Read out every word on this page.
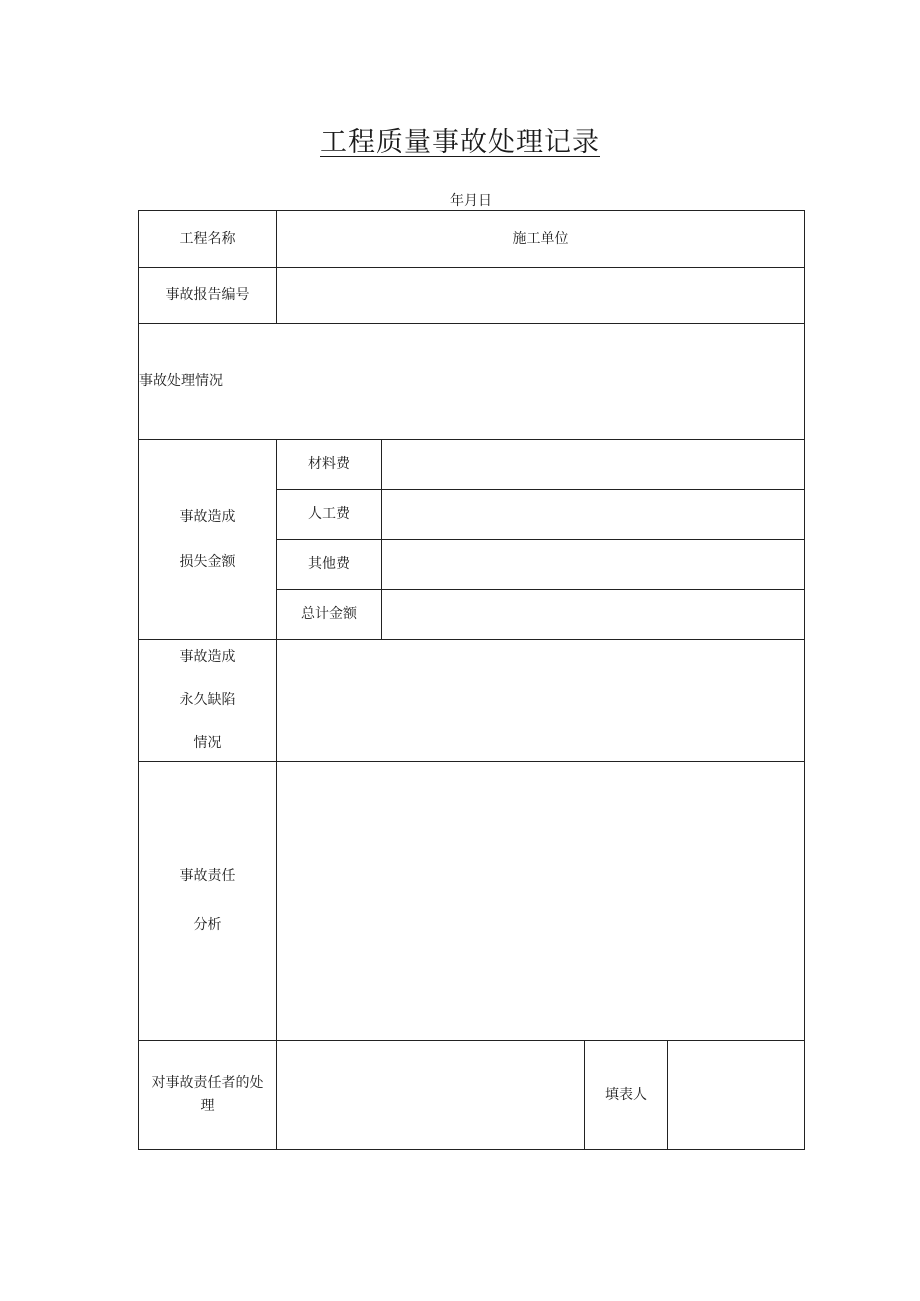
工程质量事故处理记录
年月日
工程名称	施工单位
事故报告编号
事故处理情况
事故造成
损失金额
材料费
人工费
其他费
总计金额
事故造成
永久缺陷
情况
事故责任
分析
对事故责任者的处
理
填表人
